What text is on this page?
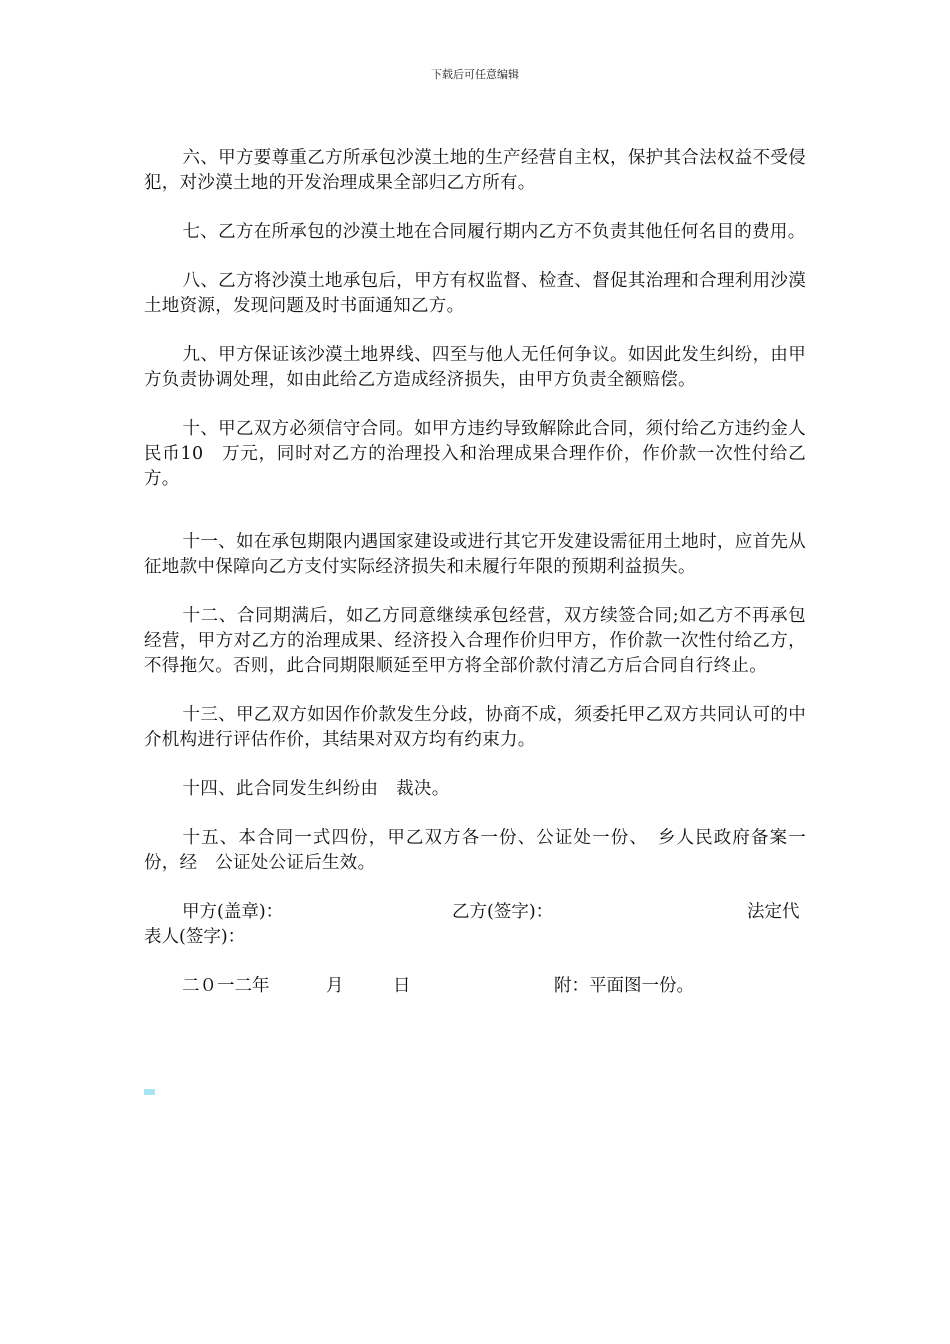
下载后可任意编辑

六、甲方要尊重乙方所承包沙漠土地的生产经营自主权，保护其合法权益不受侵犯，对沙漠土地的开发治理成果全部归乙方所有。

七、乙方在所承包的沙漠土地在合同履行期内乙方不负责其他任何名目的费用。

八、乙方将沙漠土地承包后，甲方有权监督、检查、督促其治理和合理利用沙漠土地资源，发现问题及时书面通知乙方。

九、甲方保证该沙漠土地界线、四至与他人无任何争议。如因此发生纠纷，由甲方负责协调处理，如由此给乙方造成经济损失，由甲方负责全额赔偿。

十、甲乙双方必须信守合同。如甲方违约导致解除此合同，须付给乙方违约金人民币10　万元，同时对乙方的治理投入和治理成果合理作价，作价款一次性付给乙方。

十一、如在承包期限内遇国家建设或进行其它开发建设需征用土地时，应首先从征地款中保障向乙方支付实际经济损失和未履行年限的预期利益损失。

十二、合同期满后，如乙方同意继续承包经营，双方续签合同;如乙方不再承包经营，甲方对乙方的治理成果、经济投入合理作价归甲方，作价款一次性付给乙方，不得拖欠。否则，此合同期限顺延至甲方将全部价款付清乙方后合同自行终止。

十三、甲乙双方如因作价款发生分歧，协商不成，须委托甲乙双方共同认可的中介机构进行评估作价，其结果对双方均有约束力。

十四、此合同发生纠纷由　裁决。

十五、本合同一式四份，甲乙双方各一份、公证处一份、　乡人民政府备案一份，经　公证处公证后生效。

甲方(盖章)：	乙方(签字)：	法定代
表人(签字)：
二０一二年	月	日	附：平面图一份。
